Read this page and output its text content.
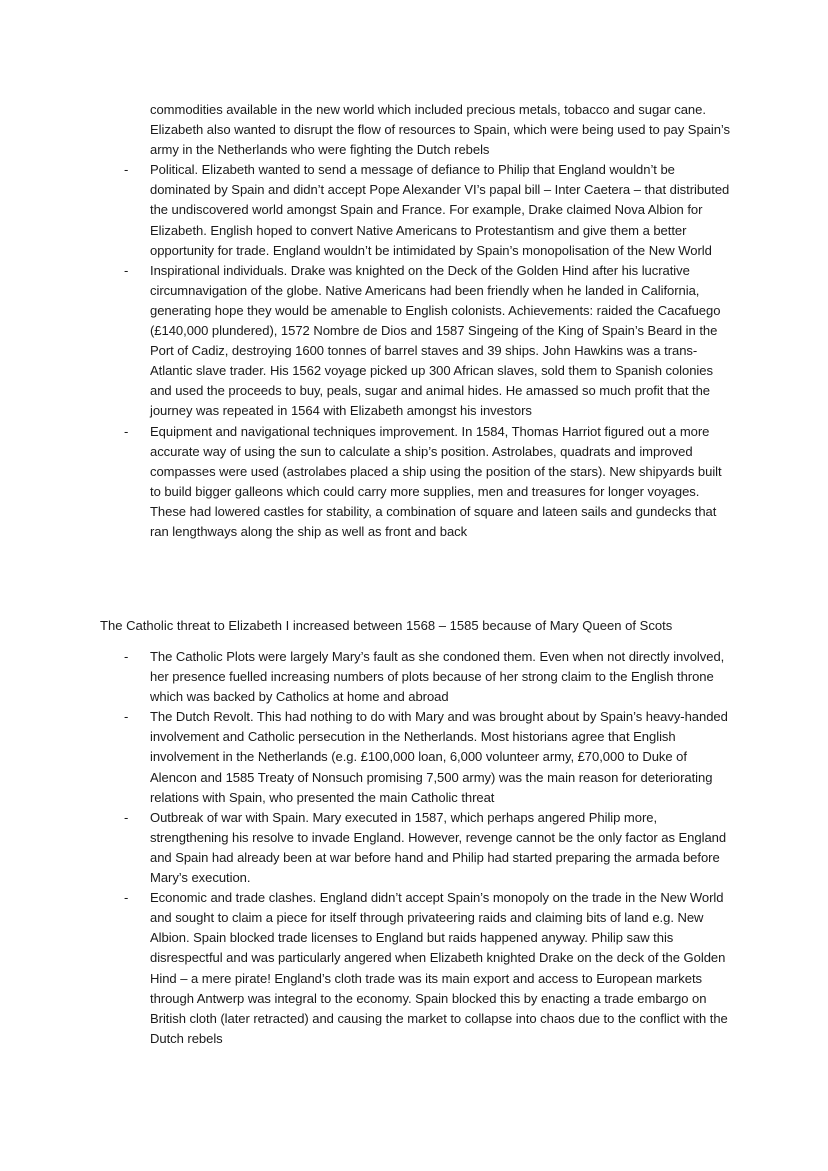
commodities available in the new world which included precious metals, tobacco and sugar cane. Elizabeth also wanted to disrupt the flow of resources to Spain, which were being used to pay Spain’s army in the Netherlands who were fighting the Dutch rebels
- Political. Elizabeth wanted to send a message of defiance to Philip that England wouldn’t be dominated by Spain and didn’t accept Pope Alexander VI’s papal bill – Inter Caetera – that distributed the undiscovered world amongst Spain and France. For example, Drake claimed Nova Albion for Elizabeth. English hoped to convert Native Americans to Protestantism and give them a better opportunity for trade. England wouldn’t be intimidated by Spain’s monopolisation of the New World
- Inspirational individuals. Drake was knighted on the Deck of the Golden Hind after his lucrative circumnavigation of the globe. Native Americans had been friendly when he landed in California, generating hope they would be amenable to English colonists. Achievements: raided the Cacafuego (£140,000 plundered), 1572 Nombre de Dios and 1587 Singeing of the King of Spain’s Beard in the Port of Cadiz, destroying 1600 tonnes of barrel staves and 39 ships. John Hawkins was a trans-Atlantic slave trader. His 1562 voyage picked up 300 African slaves, sold them to Spanish colonies and used the proceeds to buy, peals, sugar and animal hides. He amassed so much profit that the journey was repeated in 1564 with Elizabeth amongst his investors
- Equipment and navigational techniques improvement. In 1584, Thomas Harriot figured out a more accurate way of using the sun to calculate a ship’s position. Astrolabes, quadrats and improved compasses were used (astrolabes placed a ship using the position of the stars). New shipyards built to build bigger galleons which could carry more supplies, men and treasures for longer voyages. These had lowered castles for stability, a combination of square and lateen sails and gundecks that ran lengthways along the ship as well as front and back

The Catholic threat to Elizabeth I increased between 1568 – 1585 because of Mary Queen of Scots

- The Catholic Plots were largely Mary’s fault as she condoned them. Even when not directly involved, her presence fuelled increasing numbers of plots because of her strong claim to the English throne which was backed by Catholics at home and abroad
- The Dutch Revolt. This had nothing to do with Mary and was brought about by Spain’s heavy-handed involvement and Catholic persecution in the Netherlands. Most historians agree that English involvement in the Netherlands (e.g. £100,000 loan, 6,000 volunteer army, £70,000 to Duke of Alencon and 1585 Treaty of Nonsuch promising 7,500 army) was the main reason for deteriorating relations with Spain, who presented the main Catholic threat
- Outbreak of war with Spain. Mary executed in 1587, which perhaps angered Philip more, strengthening his resolve to invade England. However, revenge cannot be the only factor as England and Spain had already been at war before hand and Philip had started preparing the armada before Mary’s execution.
- Economic and trade clashes. England didn’t accept Spain’s monopoly on the trade in the New World and sought to claim a piece for itself through privateering raids and claiming bits of land e.g. New Albion. Spain blocked trade licenses to England but raids happened anyway. Philip saw this disrespectful and was particularly angered when Elizabeth knighted Drake on the deck of the Golden Hind – a mere pirate! England’s cloth trade was its main export and access to European markets through Antwerp was integral to the economy. Spain blocked this by enacting a trade embargo on British cloth (later retracted) and causing the market to collapse into chaos due to the conflict with the Dutch rebels
